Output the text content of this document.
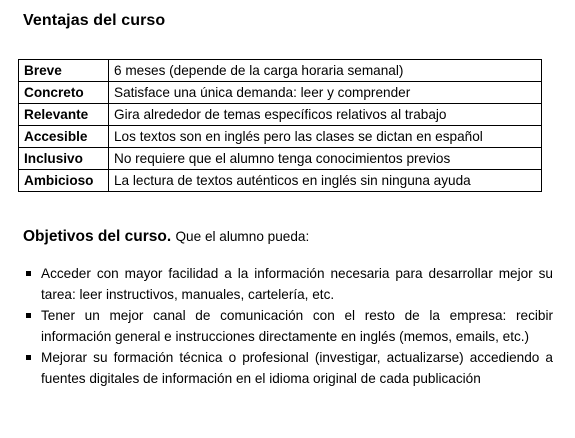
Ventajas del curso
Breve	6 meses (depende de la carga horaria semanal)
Concreto	Satisface una única demanda: leer y comprender
Relevante	Gira alrededor de temas específicos relativos al trabajo
Accesible	Los textos son en inglés pero las clases se dictan en español
Inclusivo	No requiere que el alumno tenga conocimientos previos
Ambicioso	La lectura de textos auténticos en inglés sin ninguna ayuda
Objetivos del curso. Que el alumno pueda:
Acceder con mayor facilidad a la información necesaria para desarrollar mejor su tarea: leer instructivos, manuales, cartelería, etc.
Tener un mejor canal de comunicación con el resto de la empresa: recibir información general e instrucciones directamente en inglés (memos, emails, etc.)
Mejorar su formación técnica o profesional (investigar, actualizarse) accediendo a fuentes digitales de información en el idioma original de cada publicación
